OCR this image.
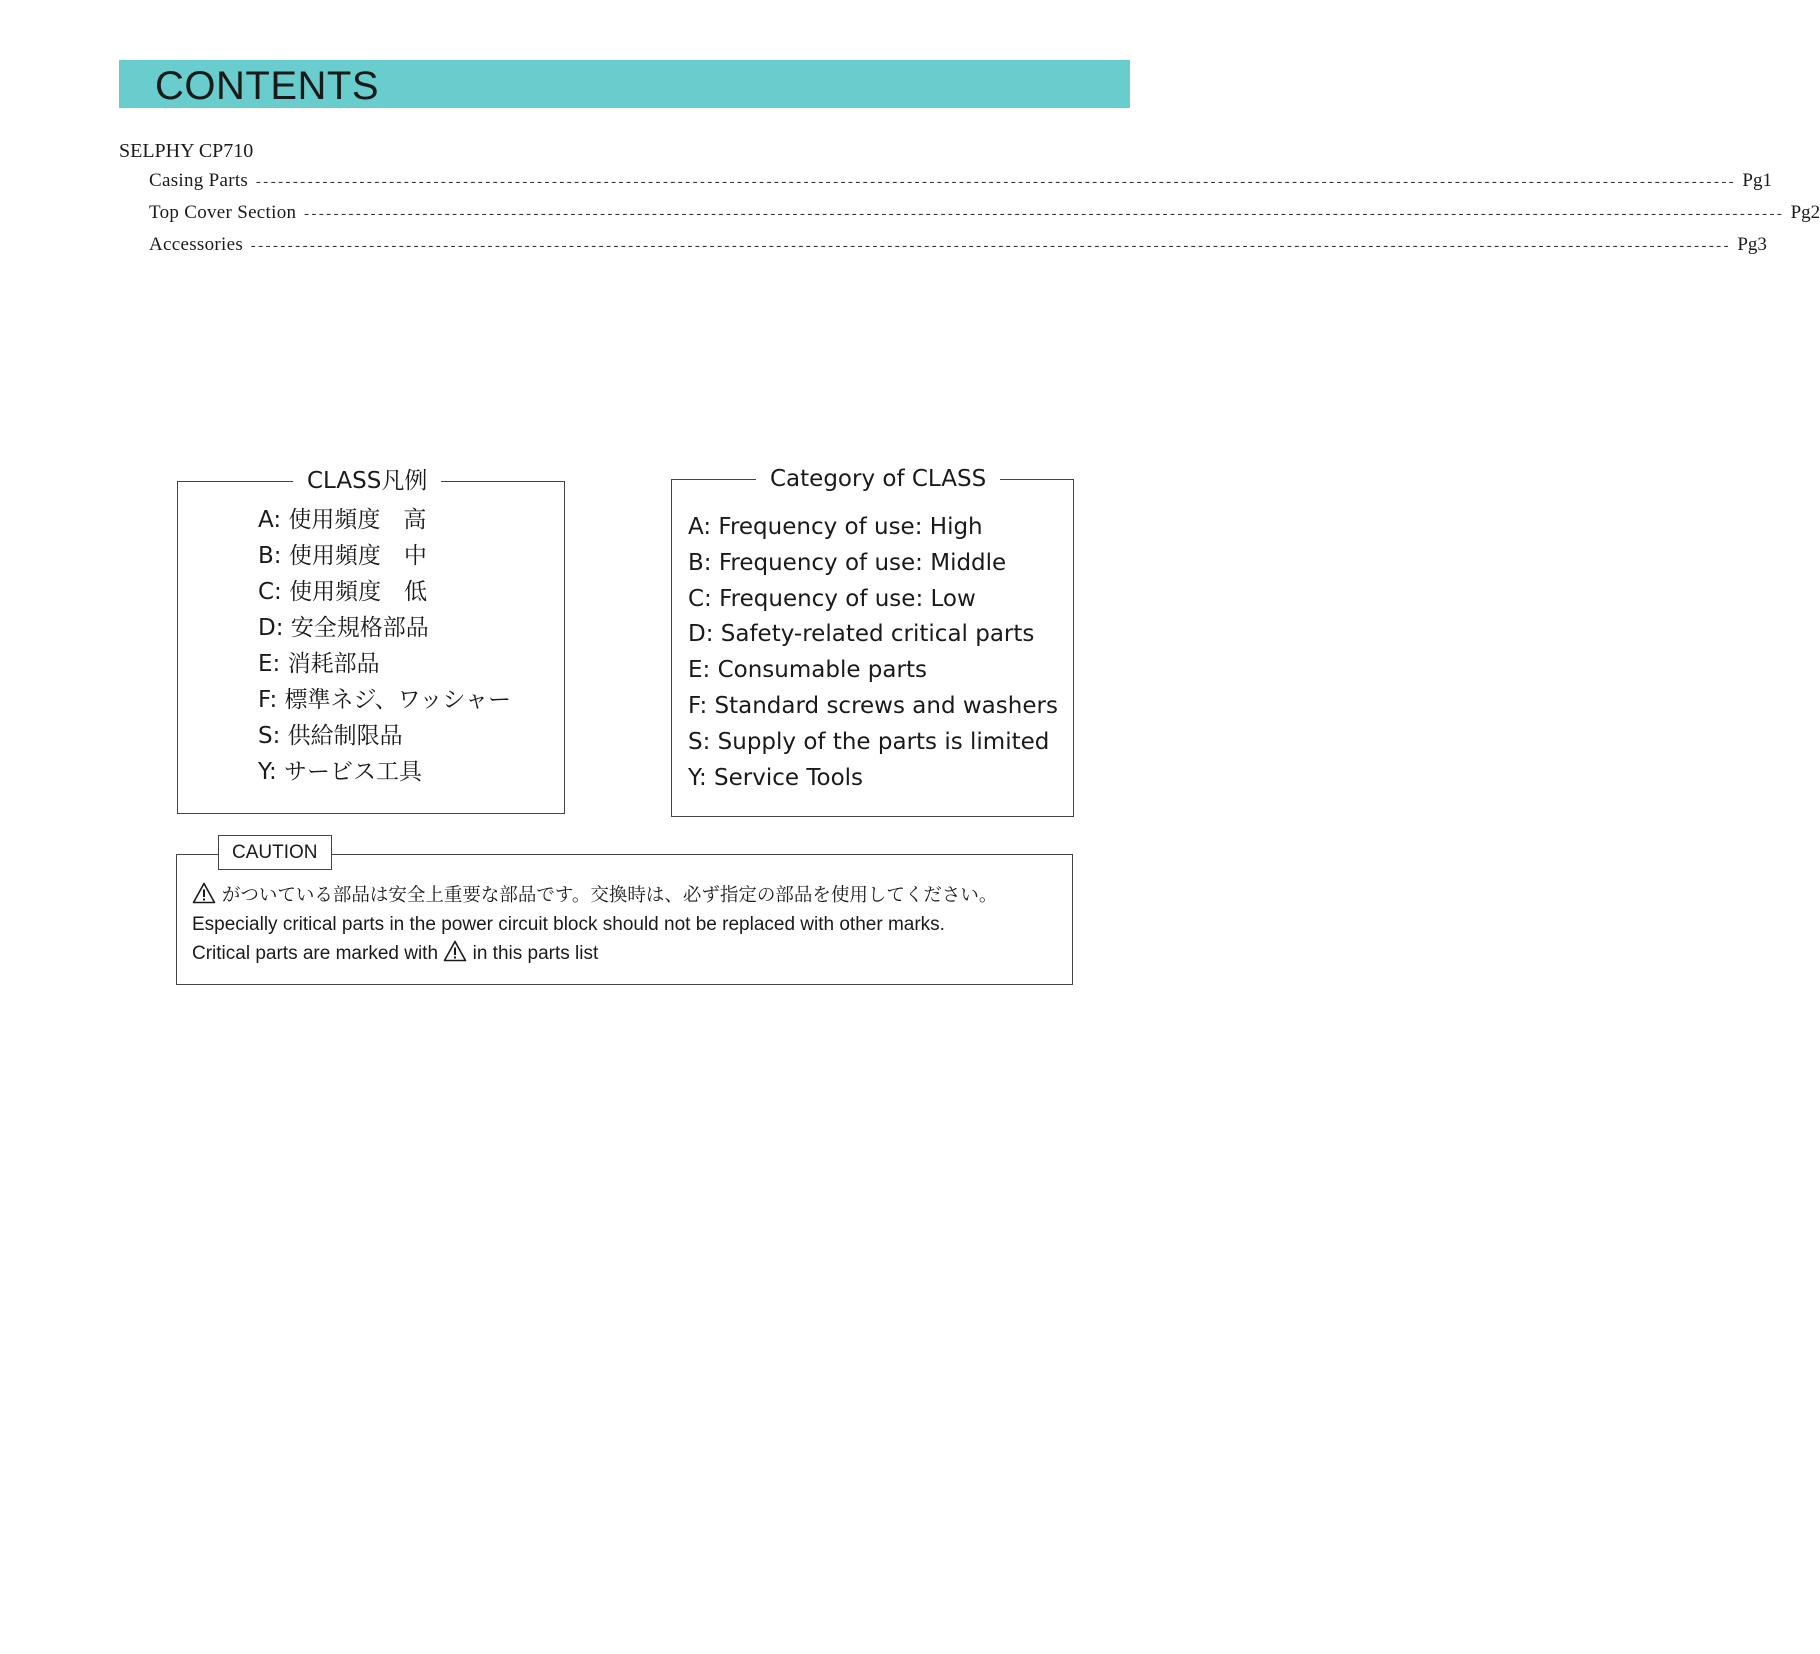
CONTENTS
SELPHY CP710
Casing Parts -------------------------------------------------------------------------------------------------------------------------------------------------------------------------------------------------------- Pg1
Top Cover Section -------------------------------------------------------------------------------------------------------------------------------------------------------------------------------------------------------- Pg2
Accessories -------------------------------------------------------------------------------------------------------------------------------------------------------------------------------------------------------- Pg3
CLASS凡例
A: 使用頻度　高
B: 使用頻度　中
C: 使用頻度　低
D: 安全規格部品
E: 消耗部品
F: 標準ネジ、ワッシャー
S: 供給制限品
Y: サービス工具
Category of CLASS
A: Frequency of use: High
B: Frequency of use: Middle
C: Frequency of use: Low
D: Safety-related critical parts
E: Consumable parts
F: Standard screws and washers
S: Supply of the parts is limited
Y: Service Tools
CAUTION
がついている部品は安全上重要な部品です。交換時は、必ず指定の部品を使用してください。
Especially critical parts in the power circuit block should not be replaced with other marks.
Critical parts are marked with in this parts list
